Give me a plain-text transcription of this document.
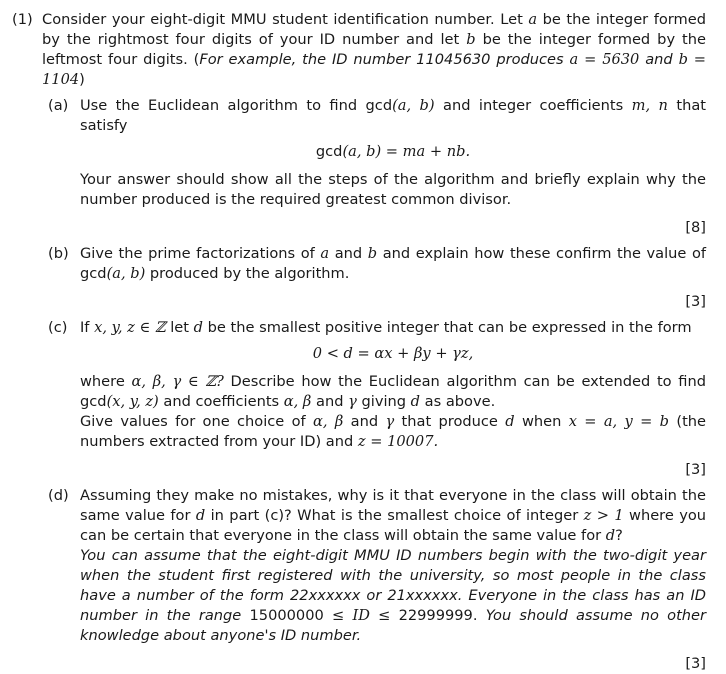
(1) Consider your eight-digit MMU student identification number. Let a be the integer formed by the rightmost four digits of your ID number and let b be the integer formed by the leftmost four digits. (For example, the ID number 11045630 produces a = 5630 and b = 1104)
(a) Use the Euclidean algorithm to find gcd(a, b) and integer coefficients m, n that satisfy
gcd(a, b) = ma + nb.
Your answer should show all the steps of the algorithm and briefly explain why the number produced is the required greatest common divisor.
[8]
(b) Give the prime factorizations of a and b and explain how these confirm the value of gcd(a, b) produced by the algorithm.
[3]
(c) If x, y, z ∈ ℤ let d be the smallest positive integer that can be expressed in the form
0 < d = αx + βy + γz,
where α, β, γ ∈ ℤ? Describe how the Euclidean algorithm can be extended to find gcd(x, y, z) and coefficients α, β and γ giving d as above.
Give values for one choice of α, β and γ that produce d when x = a, y = b (the numbers extracted from your ID) and z = 10007.
[3]
(d) Assuming they make no mistakes, why is it that everyone in the class will obtain the same value for d in part (c)? What is the smallest choice of integer z > 1 where you can be certain that everyone in the class will obtain the same value for d?
You can assume that the eight-digit MMU ID numbers begin with the two-digit year when the student first registered with the university, so most people in the class have a number of the form 22xxxxxx or 21xxxxxx. Everyone in the class has an ID number in the range 15000000 ≤ ID ≤ 22999999. You should assume no other knowledge about anyone's ID number.
[3]
